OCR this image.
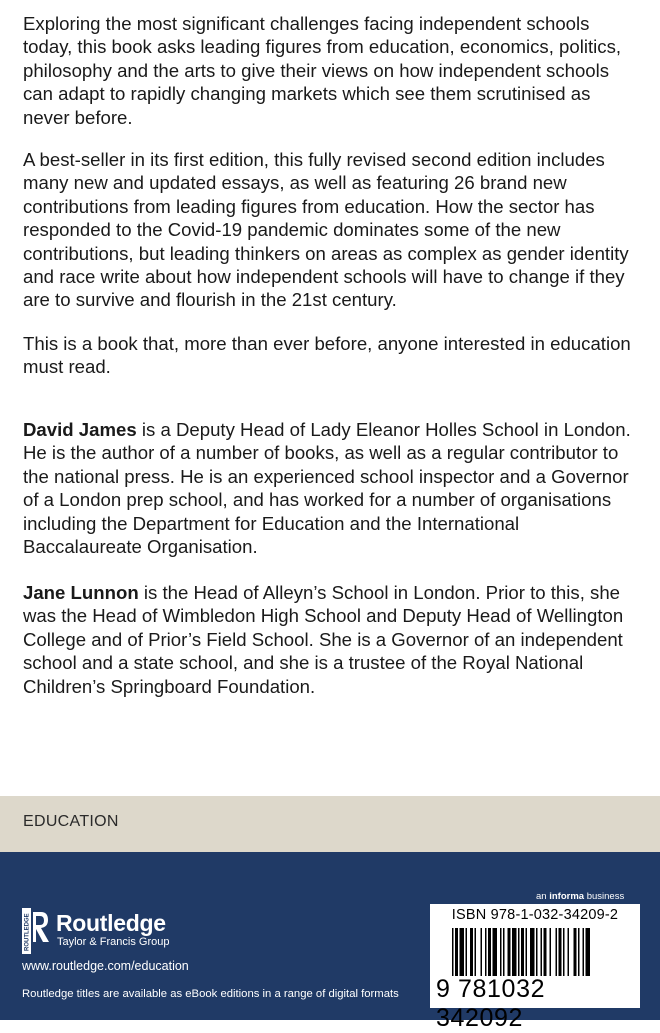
Exploring the most significant challenges facing independent schools today, this book asks leading figures from education, economics, politics, philosophy and the arts to give their views on how independent schools can adapt to rapidly changing markets which see them scrutinised as never before.

A best-seller in its first edition, this fully revised second edition includes many new and updated essays, as well as featuring 26 brand new contributions from leading figures from education. How the sector has responded to the Covid-19 pandemic dominates some of the new contributions, but leading thinkers on areas as complex as gender identity and race write about how independent schools will have to change if they are to survive and flourish in the 21st century.

This is a book that, more than ever before, anyone interested in education must read.

David James is a Deputy Head of Lady Eleanor Holles School in London. He is the author of a number of books, as well as a regular contributor to the national press. He is an experienced school inspector and a Governor of a London prep school, and has worked for a number of organisations including the Department for Education and the International Baccalaureate Organisation.

Jane Lunnon is the Head of Alleyn’s School in London. Prior to this, she was the Head of Wimbledon High School and Deputy Head of Wellington College and of Prior’s Field School. She is a Governor of an independent school and a state school, and she is a trustee of the Royal National Children’s Springboard Foundation.

EDUCATION
ROUTLEDGE Routledge
Taylor & Francis Group
www.routledge.com/education
Routledge titles are available as eBook editions in a range of digital formats
an informa business
ISBN 978-1-032-34209-2
9 781032 342092
